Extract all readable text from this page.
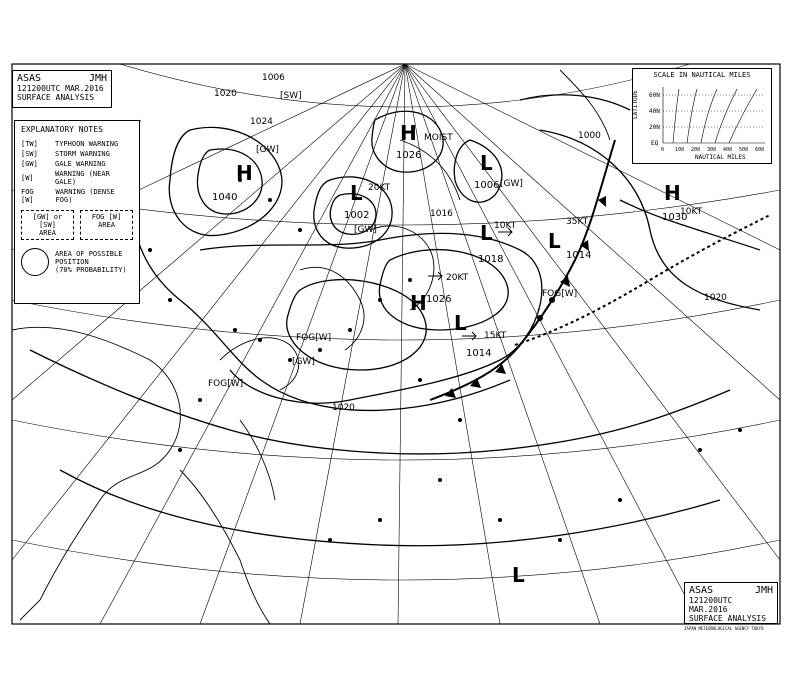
H
1040	L
1002
L
1006
H
1026
L
1018
H 1026
L
1014
L
1014
H
1030
L
20KT
10KT
20KT
15KT
35KT
10KT
FOG[W]
FOG[W]
FOG[W]
[GW]
[GW]
[GW]
[GW]
[SW]
MOIST
1020
1020
1020
1000
1006
1016
1024
ASAS	JMH
121200UTC MAR.2016
SURFACE ANALYSIS
EXPLANATORY NOTES
[TW]	TYPHOON WARNING
[SW]	STORM WARNING
[GW]	GALE WARNING
[W]	WARNING (NEAR GALE)
FOG [W]
WARNING (DENSE FOG)
[GW] or [SW]
AREA
FOG [W]
AREA
AREA OF POSSIBLE
POSITION
(70% PROBABILITY)
SCALE IN NAUTICAL MILES
LATITUDE 60N
40N
20N
EQ
0 100 200 300 400 500 600
NAUTICAL MILES
ASAS	JMH
121200UTC MAR.2016
SURFACE ANALYSIS
JAPAN METEOROLOGICAL AGENCY TOKYO
